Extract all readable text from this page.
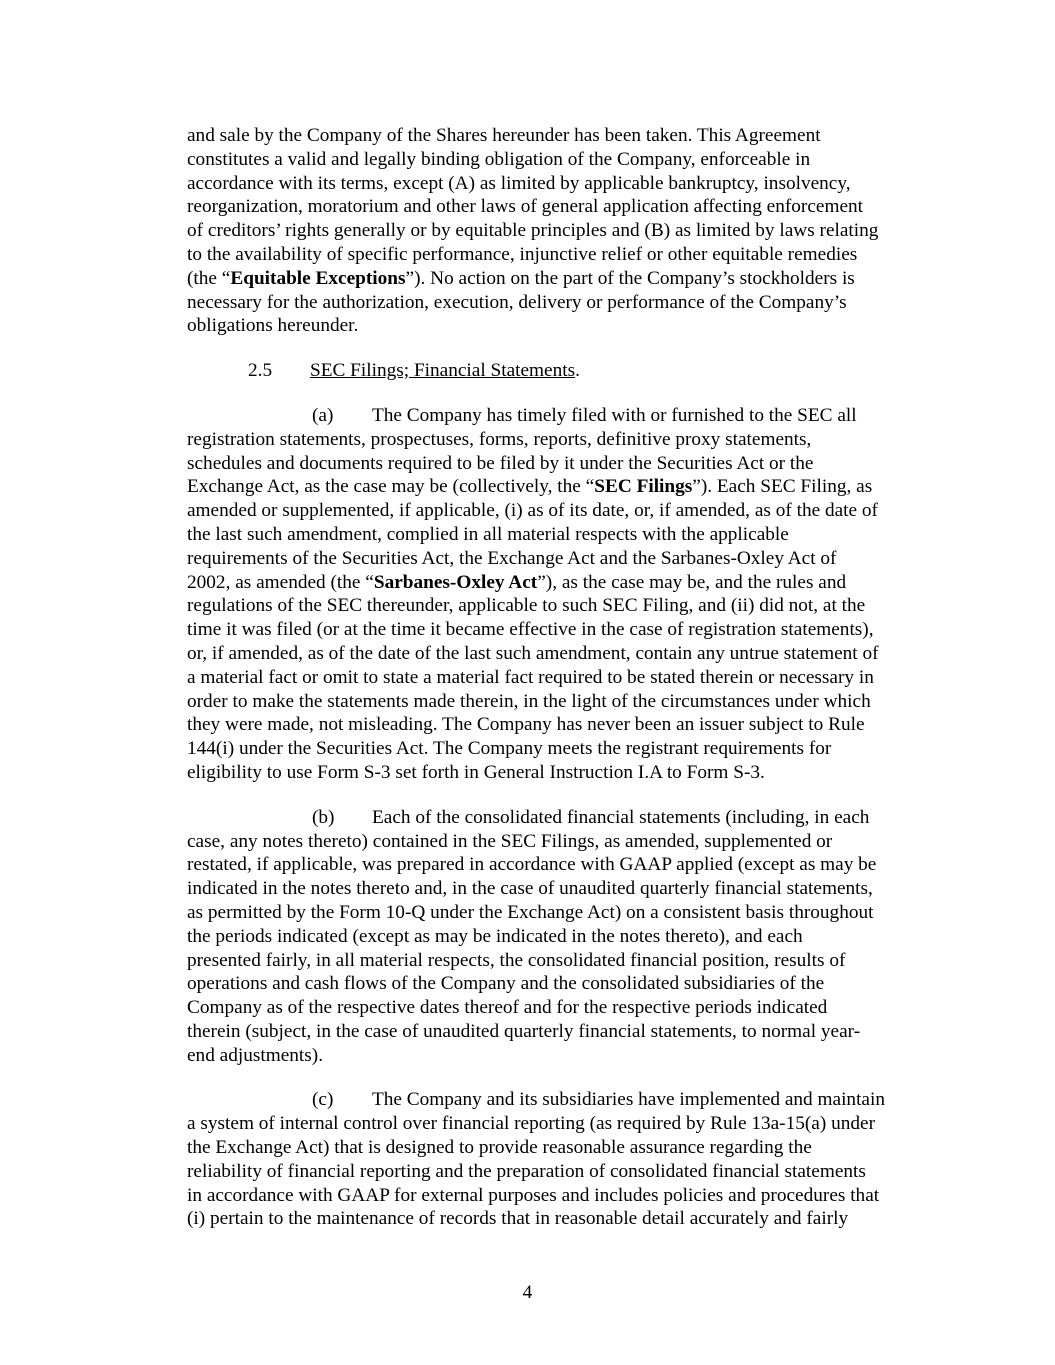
and sale by the Company of the Shares hereunder has been taken. This Agreement
constitutes a valid and legally binding obligation of the Company, enforceable in
accordance with its terms, except (A) as limited by applicable bankruptcy, insolvency,
reorganization, moratorium and other laws of general application affecting enforcement
of creditors’ rights generally or by equitable principles and (B) as limited by laws relating
to the availability of specific performance, injunctive relief or other equitable remedies
(the “Equitable Exceptions”). No action on the part of the Company’s stockholders is
necessary for the authorization, execution, delivery or performance of the Company’s
obligations hereunder.

2.5 SEC Filings; Financial Statements.

(a) The Company has timely filed with or furnished to the SEC all
registration statements, prospectuses, forms, reports, definitive proxy statements,
schedules and documents required to be filed by it under the Securities Act or the
Exchange Act, as the case may be (collectively, the “SEC Filings”). Each SEC Filing, as
amended or supplemented, if applicable, (i) as of its date, or, if amended, as of the date of
the last such amendment, complied in all material respects with the applicable
requirements of the Securities Act, the Exchange Act and the Sarbanes-Oxley Act of
2002, as amended (the “Sarbanes-Oxley Act”), as the case may be, and the rules and
regulations of the SEC thereunder, applicable to such SEC Filing, and (ii) did not, at the
time it was filed (or at the time it became effective in the case of registration statements),
or, if amended, as of the date of the last such amendment, contain any untrue statement of
a material fact or omit to state a material fact required to be stated therein or necessary in
order to make the statements made therein, in the light of the circumstances under which
they were made, not misleading. The Company has never been an issuer subject to Rule
144(i) under the Securities Act. The Company meets the registrant requirements for
eligibility to use Form S-3 set forth in General Instruction I.A to Form S-3.

(b) Each of the consolidated financial statements (including, in each
case, any notes thereto) contained in the SEC Filings, as amended, supplemented or
restated, if applicable, was prepared in accordance with GAAP applied (except as may be
indicated in the notes thereto and, in the case of unaudited quarterly financial statements,
as permitted by the Form 10-Q under the Exchange Act) on a consistent basis throughout
the periods indicated (except as may be indicated in the notes thereto), and each
presented fairly, in all material respects, the consolidated financial position, results of
operations and cash flows of the Company and the consolidated subsidiaries of the
Company as of the respective dates thereof and for the respective periods indicated
therein (subject, in the case of unaudited quarterly financial statements, to normal year-
end adjustments).

(c) The Company and its subsidiaries have implemented and maintain
a system of internal control over financial reporting (as required by Rule 13a-15(a) under
the Exchange Act) that is designed to provide reasonable assurance regarding the
reliability of financial reporting and the preparation of consolidated financial statements
in accordance with GAAP for external purposes and includes policies and procedures that
(i) pertain to the maintenance of records that in reasonable detail accurately and fairly

4
